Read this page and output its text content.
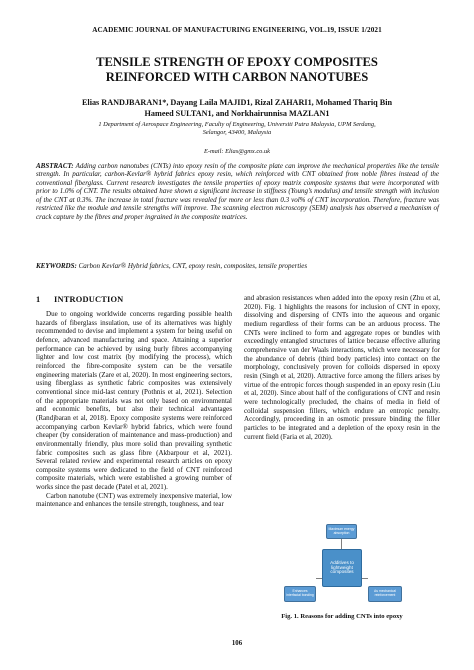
ACADEMIC JOURNAL OF MANUFACTURING ENGINEERING, VOL.19, ISSUE 1/2021
TENSILE STRENGTH OF EPOXY COMPOSITES
REINFORCED WITH CARBON NANOTUBES
Elias RANDJBARAN1*, Dayang Laila MAJID1, Rizal ZAHARI1, Mohamed Thariq Bin
Hameed SULTAN1, and Norkhairunnisa MAZLAN1
1 Department of Aerospace Engineering, Faculty of Engineering, Universiti Putra Malaysia, UPM Serdang,
Selangor, 43400, Malaysia
E-mail: Elias@gmx.co.uk
ABSTRACT: Adding carbon nanotubes (CNTs) into epoxy resin of the composite plate can improve the mechanical properties like the tensile strength. In particular, carbon-Kevlar® hybrid fabrics epoxy resin, which reinforced with CNT obtained from noble fibres instead of the conventional fiberglass. Current research investigates the tensile properties of epoxy matrix composite systems that were incorporated with prior to 1.0% of CNT. The results obtained have shown a significant increase in stiffness (Young’s modulus) and tensile strength with inclusion of the CNT at 0.3%. The increase in total fracture was revealed for more or less than 0.3 vol% of CNT incorporation. Therefore, fracture was restricted like the module and tensile strengths will improve. The scanning electron microscopy (SEM) analysis has observed a mechanism of crack capture by the fibres and proper ingrained in the composite matrices.
KEYWORDS: Carbon Kevlar® Hybrid fabrics, CNT, epoxy resin, composites, tensile properties
1 INTRODUCTION

Due to ongoing worldwide concerns regarding possible health hazards of fiberglass insulation, use of its alternatives was highly recommended to devise and implement a system for being useful on defence, advanced manufacturing and space. Attaining a superior performance can be achieved by using burly fibres accompanying lighter and low cost matrix (by modifying the process), which reinforced the fibre-composite system can be the versatile engineering materials (Zare et al, 2020). In most engineering sectors, using fiberglass as synthetic fabric composites was extensively conventional since mid-last century (Pothnis et al, 2021). Selection of the appropriate materials was not only based on environmental and economic benefits, but also their technical advantages (Randjbaran et al, 2018). Epoxy composite systems were reinforced accompanying carbon Kevlar® hybrid fabrics, which were found cheaper (by consideration of maintenance and mass-production) and environmentally friendly, plus more solid than prevailing synthetic fabric composites such as glass fibre (Akbarpour et al, 2021). Several related review and experimental research articles on epoxy composite systems were dedicated to the field of CNT reinforced composite materials, which were established a growing number of works since the past decade (Patel et al, 2021).

Carbon nanotube (CNT) was extremely inexpensive material, low maintenance and enhances the tensile strength, toughness, and tear

and abrasion resistances when added into the epoxy resin (Zhu et al, 2020). Fig. 1 highlights the reasons for inclusion of CNT in epoxy, dissolving and dispersing of CNTs into the aqueous and organic medium regardless of their forms can be an arduous process. The CNTs were inclined to form and aggregate ropes or bundles with exceedingly entangled structures of lattice because effective alluring comprehensive van der Waals interactions, which were necessary for the abundance of debris (third body particles) into contact on the morphology, conclusively proven for colloids dispersed in epoxy resin (Singh et al, 2020). Attractive force among the fillers arises by virtue of the entropic forces though suspended in an epoxy resin (Liu et al, 2020). Since about half of the configurations of CNT and resin were technologically precluded, the chains of media in field of colloidal suspension fillers, which endure an entropic penalty. Accordingly, proceeding in an osmotic pressure binding the filler particles to be integrated and a depletion of the epoxy resin in the current field (Faria et al, 2020).

Maximum energy absorption
Additives to lightweight composites
Enhances interfacial bonding
As mechanical reinforcement
Fig. 1. Reasons for adding CNTs into epoxy
106
